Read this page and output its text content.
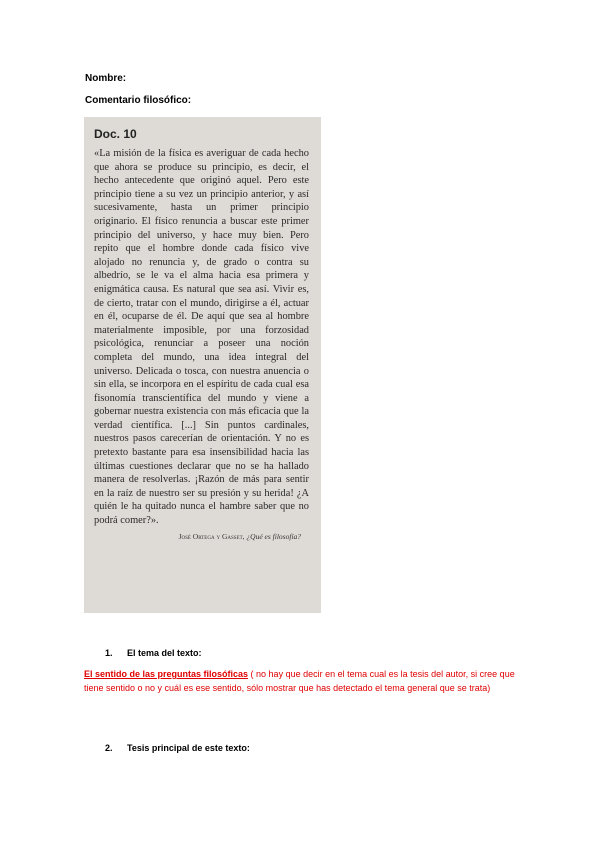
Nombre:
Comentario filosófico:
Doc. 10

«La misión de la física es averiguar de cada hecho que ahora se produce su principio, es decir, el hecho antecedente que originó aquel. Pero este principio tiene a su vez un principio anterior, y así sucesivamente, hasta un primer principio originario. El físico renuncia a buscar este primer principio del universo, y hace muy bien. Pero repito que el hombre donde cada físico vive alojado no renuncia y, de grado o contra su albedrío, se le va el alma hacia esa primera y enigmática causa. Es natural que sea así. Vivir es, de cierto, tratar con el mundo, dirigirse a él, actuar en él, ocuparse de él. De aquí que sea al hombre materialmente imposible, por una forzosidad psicológica, renunciar a poseer una noción completa del mundo, una idea integral del universo. Delicada o tosca, con nuestra anuencia o sin ella, se incorpora en el espíritu de cada cual esa fisonomía transcientífica del mundo y viene a gobernar nuestra existencia con más eficacia que la verdad científica. [...] Sin puntos cardinales, nuestros pasos carecerían de orientación. Y no es pretexto bastante para esa insensibilidad hacia las últimas cuestiones declarar que no se ha hallado manera de resolverlas. ¡Razón de más para sentir en la raíz de nuestro ser su presión y su herida! ¿A quién le ha quitado nunca el hambre saber que no podrá comer?».

José Ortega y Gasset, ¿Qué es filosofía?
1. El tema del texto:
El sentido de las preguntas filosóficas ( no hay que decir en el tema cual es la tesis del autor, si cree que tiene sentido o no y cuál es ese sentido, sólo mostrar que has detectado el tema general que se trata)
2. Tesis principal de este texto:
